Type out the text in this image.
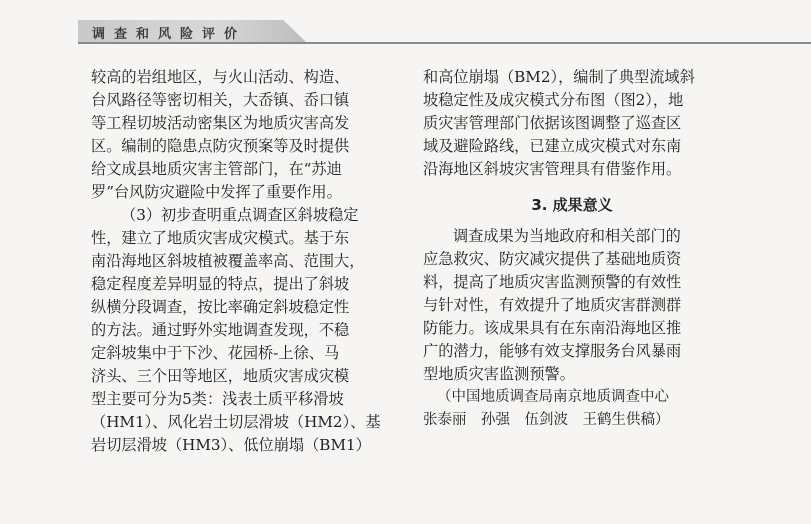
调查和风险评价
较高的岩组地区，与火山活动、构造、
台风路径等密切相关，大岙镇、岙口镇
等工程切坡活动密集区为地质灾害高发
区。编制的隐患点防灾预案等及时提供
给文成县地质灾害主管部门，在“苏迪
罗”台风防灾避险中发挥了重要作用。
（3）初步查明重点调查区斜坡稳定
性，建立了地质灾害成灾模式。基于东
南沿海地区斜坡植被覆盖率高、范围大，
稳定程度差异明显的特点，提出了斜坡
纵横分段调查，按比率确定斜坡稳定性
的方法。通过野外实地调查发现，不稳
定斜坡集中于下沙、花园桥-上徐、马
济头、三个田等地区，地质灾害成灾模
型主要可分为5类：浅表土质平移滑坡
（HM1）、风化岩土切层滑坡（HM2）、基
岩切层滑坡（HM3）、低位崩塌（BM1）
和高位崩塌（BM2），编制了典型流域斜
坡稳定性及成灾模式分布图（图2），地
质灾害管理部门依据该图调整了巡查区
域及避险路线，已建立成灾模式对东南
沿海地区斜坡灾害管理具有借鉴作用。
3. 成果意义
调查成果为当地政府和相关部门的
应急救灾、防灾减灾提供了基础地质资
料，提高了地质灾害监测预警的有效性
与针对性，有效提升了地质灾害群测群
防能力。该成果具有在东南沿海地区推
广的潜力，能够有效支撑服务台风暴雨
型地质灾害监测预警。
（中国地质调查局南京地质调查中心
张泰丽　孙强　伍剑波　王鹤生供稿）
